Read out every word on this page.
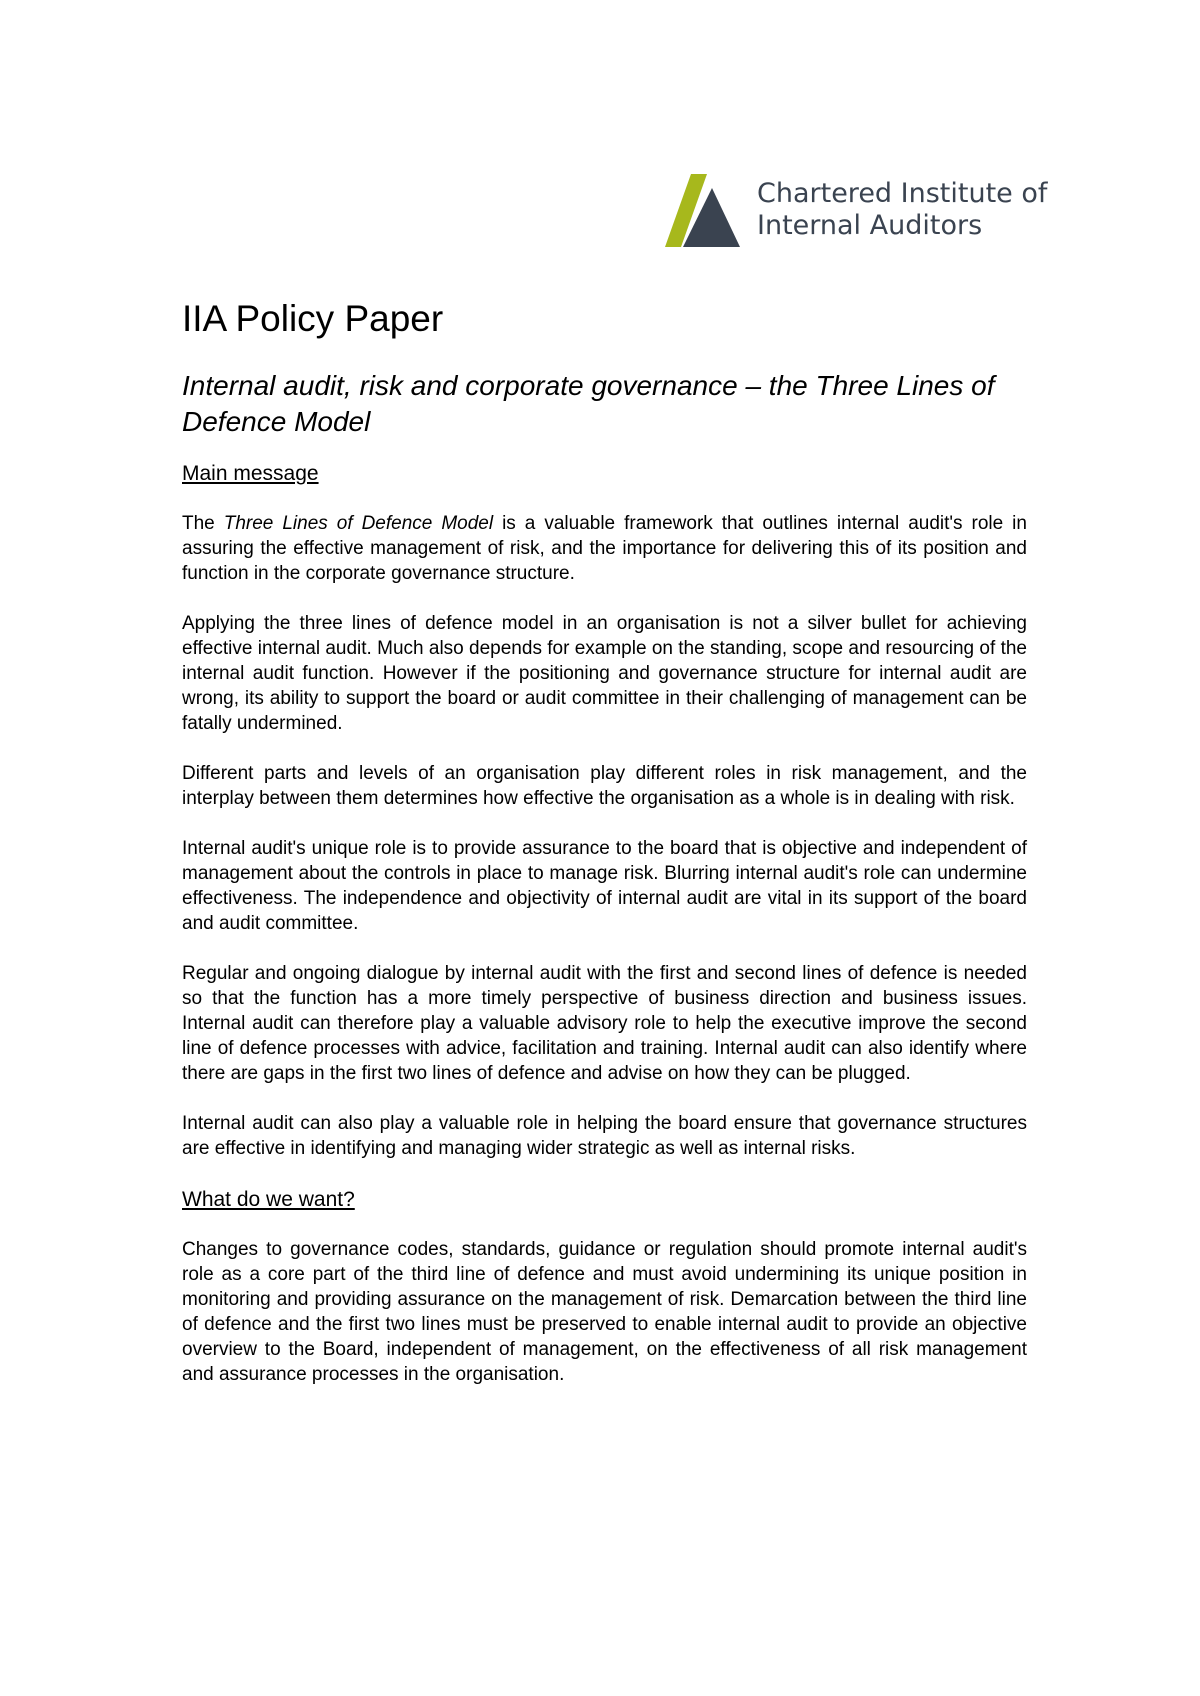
Chartered Institute of
Internal Auditors
IIA Policy Paper
Internal audit, risk and corporate governance – the Three Lines of Defence Model
Main message

The Three Lines of Defence Model is a valuable framework that outlines internal audit's role in assuring the effective management of risk, and the importance for delivering this of its position and function in the corporate governance structure.

Applying the three lines of defence model in an organisation is not a silver bullet for achieving effective internal audit. Much also depends for example on the standing, scope and resourcing of the internal audit function. However if the positioning and governance structure for internal audit are wrong, its ability to support the board or audit committee in their challenging of management can be fatally undermined.

Different parts and levels of an organisation play different roles in risk management, and the interplay between them determines how effective the organisation as a whole is in dealing with risk.

Internal audit's unique role is to provide assurance to the board that is objective and independent of management about the controls in place to manage risk. Blurring internal audit's role can undermine effectiveness. The independence and objectivity of internal audit are vital in its support of the board and audit committee.

Regular and ongoing dialogue by internal audit with the first and second lines of defence is needed so that the function has a more timely perspective of business direction and business issues. Internal audit can therefore play a valuable advisory role to help the executive improve the second line of defence processes with advice, facilitation and training. Internal audit can also identify where there are gaps in the first two lines of defence and advise on how they can be plugged.

Internal audit can also play a valuable role in helping the board ensure that governance structures are effective in identifying and managing wider strategic as well as internal risks.

What do we want?

Changes to governance codes, standards, guidance or regulation should promote internal audit's role as a core part of the third line of defence and must avoid undermining its unique position in monitoring and providing assurance on the management of risk. Demarcation between the third line of defence and the first two lines must be preserved to enable internal audit to provide an objective overview to the Board, independent of management, on the effectiveness of all risk management and assurance processes in the organisation.
